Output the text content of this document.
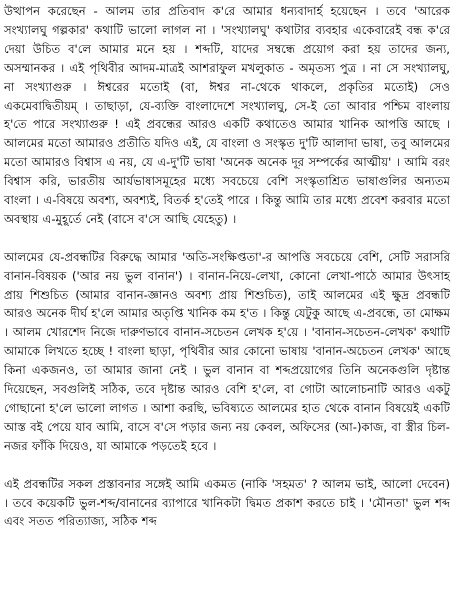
উত্থাপন করেছেন - আলম তার প্রতিবাদ ক'রে আমার ধন্যবাদার্হ হয়েছেন । তবে 'আরেক সংখ্যালঘু গল্পকার' কথাটি ভালো লাগল না । 'সংখ্যালঘু' কথাটার ব্যবহার একেবারেই বন্ধ ক'রে দেয়া উচিত ব'লে আমার মনে হয় । শব্দটি, যাদের সম্বন্ধে প্রয়োগ করা হয় তাদের জন্য, অসম্মানকর । এই পৃথিবীর আদম-মাত্রই আশরাফুল মখলুকাত - অমৃতস্য পুত্র । না সে সংখ্যালঘু, না সংখ্যাগুরু । ঈশ্বরের মতোই (বা, ঈশ্বর না-থেকে থাকলে, প্রকৃতির মতোই) সেও একমেবাদ্বিতীয়ম্ । তাছাড়া, যে-ব্যক্তি বাংলাদেশে সংখ্যালঘু, সে-ই তো আবার পশ্চিম বাংলায় হ'তে পারে সংখ্যাগুরু ! এই প্রবন্ধের আরও একটি কথাতেও আমার খানিক আপত্তি আছে । আলমের মতো আমারও প্রতীতি যদিও এই, যে বাংলা ও সংস্কৃত দু'টি আলাদা ভাষা, তবু আলমের মতো আমারও বিশ্বাস এ নয়, যে এ-দু'টি ভাষা 'অনেক অনেক দূর সম্পর্কের আত্মীয়' । আমি বরং বিশ্বাস করি, ভারতীয় আর্যভাষাসমূহের মধ্যে সবচেয়ে বেশি সংস্কৃতাশ্রিত ভাষাগুলির অন্যতম বাংলা । এ-বিষয়ে অবশ্য, অবশ্যই, বিতর্ক হ'তেই পারে । কিন্তু আমি তার মধ্যে প্রবেশ করবার মতো অবস্থায় এ-মুহূর্তে নেই (বাসে ব'সে আছি যেহেতু) ।

আলমের যে-প্রবন্ধটির বিরুদ্ধে আমার 'অতি-সংক্ষিপ্ততা'-র আপত্তি সবচেয়ে বেশি, সেটি সরাসরি বানান-বিষয়ক ('আর নয় ভুল বানান') । বানান-নিয়ে-লেখা, কোনো লেখা-পাঠে আমার উৎসাহ প্রায় শিশুচিত (আমার বানান-জ্ঞানও অবশ্য প্রায় শিশুচিত), তাই আলমের এই ক্ষুদ্র প্রবন্ধটি আরও অনেক দীর্ঘ হ'লে আমার অতৃপ্তি খানিক কম হ'ত । কিন্তু যেটুকু আছে এ-প্রবন্ধে, তা মোক্ষম । আলম খোরশেদ নিজে দারুণভাবে বানান-সচেতন লেখক হ'য়ে । 'বানান-সচেতন-লেখক' কথাটি আমাকে লিখতে হচ্ছে ! বাংলা ছাড়া, পৃথিবীর আর কোনো ভাষায় 'বানান-অচেতন লেখক' আছে কিনা একজনও, তা আমার জানা নেই । ভুল বানান বা শব্দপ্রয়োগের তিনি অনেকগুলি দৃষ্টান্ত দিয়েছেন, সবগুলিই সঠিক, তবে দৃষ্টান্ত আরও বেশি হ'লে, বা গোটা আলোচনাটি আরও একটু গোছানো হ'লে ভালো লাগত । আশা করছি, ভবিষ্যতে আলমের হাত থেকে বানান বিষয়েই একটি আস্ত বই পেয়ে যাব আমি, বাসে ব'সে পড়ার জন্য নয় কেবল, অফিসের (আ-)কাজ, বা স্ত্রীর চিল-নজর ফাঁকি দিয়েও, যা আমাকে পড়তেই হবে ।

এই প্রবন্ধটির সকল প্রস্তাবনার সঙ্গেই আমি একমত (নাকি 'সহমত' ? আলম ভাই, আলো দেবেন) । তবে কয়েকটি ভুল-শব্দ/বানানের ব্যাপারে খানিকটা দ্বিমত প্রকাশ করতে চাই । 'মৌনতা' ভুল শব্দ এবং সতত পরিত্যাজ্য, সঠিক শব্দ
